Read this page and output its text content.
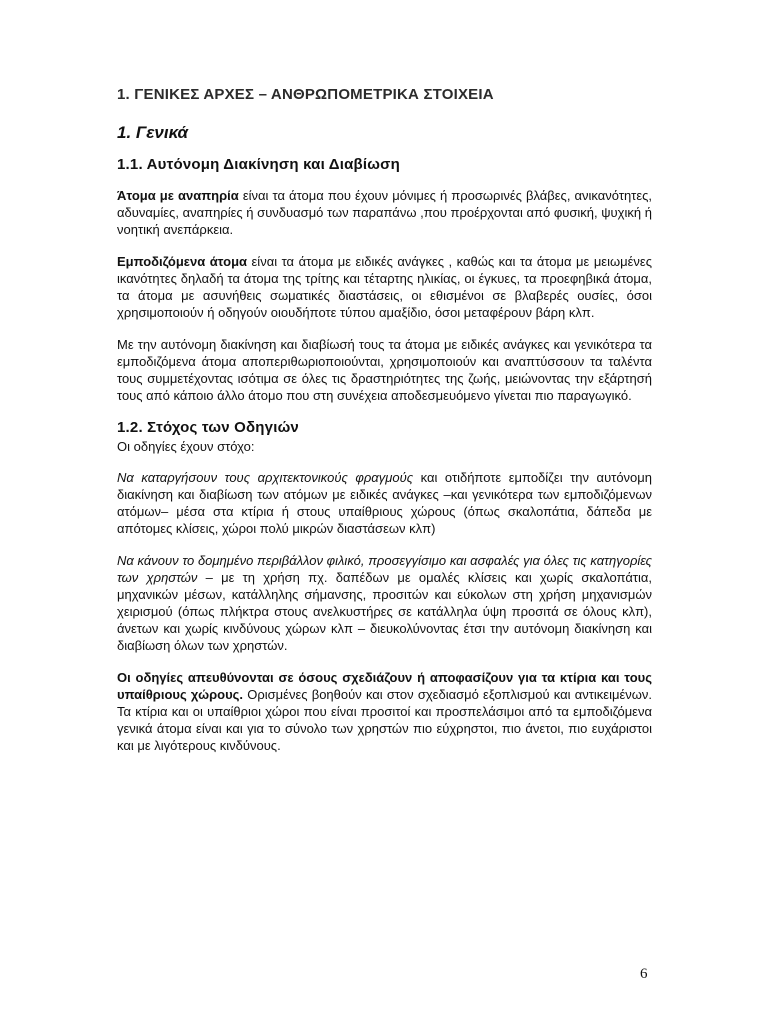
1. ΓΕΝΙΚΕΣ ΑΡΧΕΣ – ΑΝΘΡΩΠΟΜΕΤΡΙΚΑ ΣΤΟΙΧΕΙΑ
1. Γενικά
1.1. Αυτόνομη Διακίνηση και Διαβίωση

Άτομα με αναπηρία είναι τα άτομα που έχουν μόνιμες ή προσωρινές βλάβες, ανικανότητες, αδυναμίες, αναπηρίες ή συνδυασμό των παραπάνω ,που προέρχονται από φυσική, ψυχική ή νοητική ανεπάρκεια.

Εμποδιζόμενα άτομα είναι τα άτομα με ειδικές ανάγκες , καθώς και τα άτομα με μειωμένες ικανότητες δηλαδή τα άτομα της τρίτης και τέταρτης ηλικίας, οι έγκυες, τα προεφηβικά άτομα, τα άτομα με ασυνήθεις σωματικές διαστάσεις, οι εθισμένοι σε βλαβερές ουσίες, όσοι χρησιμοποιούν ή οδηγούν οιουδήποτε τύπου αμαξίδιο, όσοι μεταφέρουν βάρη κλπ.

Με την αυτόνομη διακίνηση και διαβίωσή τους τα άτομα με ειδικές ανάγκες και γενικότερα τα εμποδιζόμενα άτομα αποπεριθωριοποιούνται, χρησιμοποιούν και αναπτύσσουν τα ταλέντα τους συμμετέχοντας ισότιμα σε όλες τις δραστηριότητες της ζωής, μειώνοντας την εξάρτησή τους από κάποιο άλλο άτομο που στη συνέχεια αποδεσμευόμενο γίνεται πιο παραγωγικό.

1.2. Στόχος των Οδηγιών

Οι οδηγίες έχουν στόχο:

Να καταργήσουν τους αρχιτεκτονικούς φραγμούς και οτιδήποτε εμποδίζει την αυτόνομη διακίνηση και διαβίωση των ατόμων με ειδικές ανάγκες –και γενικότερα των εμποδιζόμενων ατόμων– μέσα στα κτίρια ή στους υπαίθριους χώρους (όπως σκαλοπάτια, δάπεδα με απότομες κλίσεις, χώροι πολύ μικρών διαστάσεων κλπ)

Να κάνουν το δομημένο περιβάλλον φιλικό, προσεγγίσιμο και ασφαλές για όλες τις κατηγορίες των χρηστών – με τη χρήση πχ. δαπέδων με ομαλές κλίσεις και χωρίς σκαλοπάτια, μηχανικών μέσων, κατάλληλης σήμανσης, προσιτών και εύκολων στη χρήση μηχανισμών χειρισμού (όπως πλήκτρα στους ανελκυστήρες σε κατάλληλα ύψη προσιτά σε όλους κλπ), άνετων και χωρίς κινδύνους χώρων κλπ – διευκολύνοντας έτσι την αυτόνομη διακίνηση και διαβίωση όλων των χρηστών.

Οι οδηγίες απευθύνονται σε όσους σχεδιάζουν ή αποφασίζουν για τα κτίρια και τους υπαίθριους χώρους. Ορισμένες βοηθούν και στον σχεδιασμό εξοπλισμού και αντικειμένων. Τα κτίρια και οι υπαίθριοι χώροι που είναι προσιτοί και προσπελάσιμοι από τα εμποδιζόμενα γενικά άτομα είναι και για το σύνολο των χρηστών πιο εύχρηστοι, πιο άνετοι, πιο ευχάριστοι και με λιγότερους κινδύνους.

6
